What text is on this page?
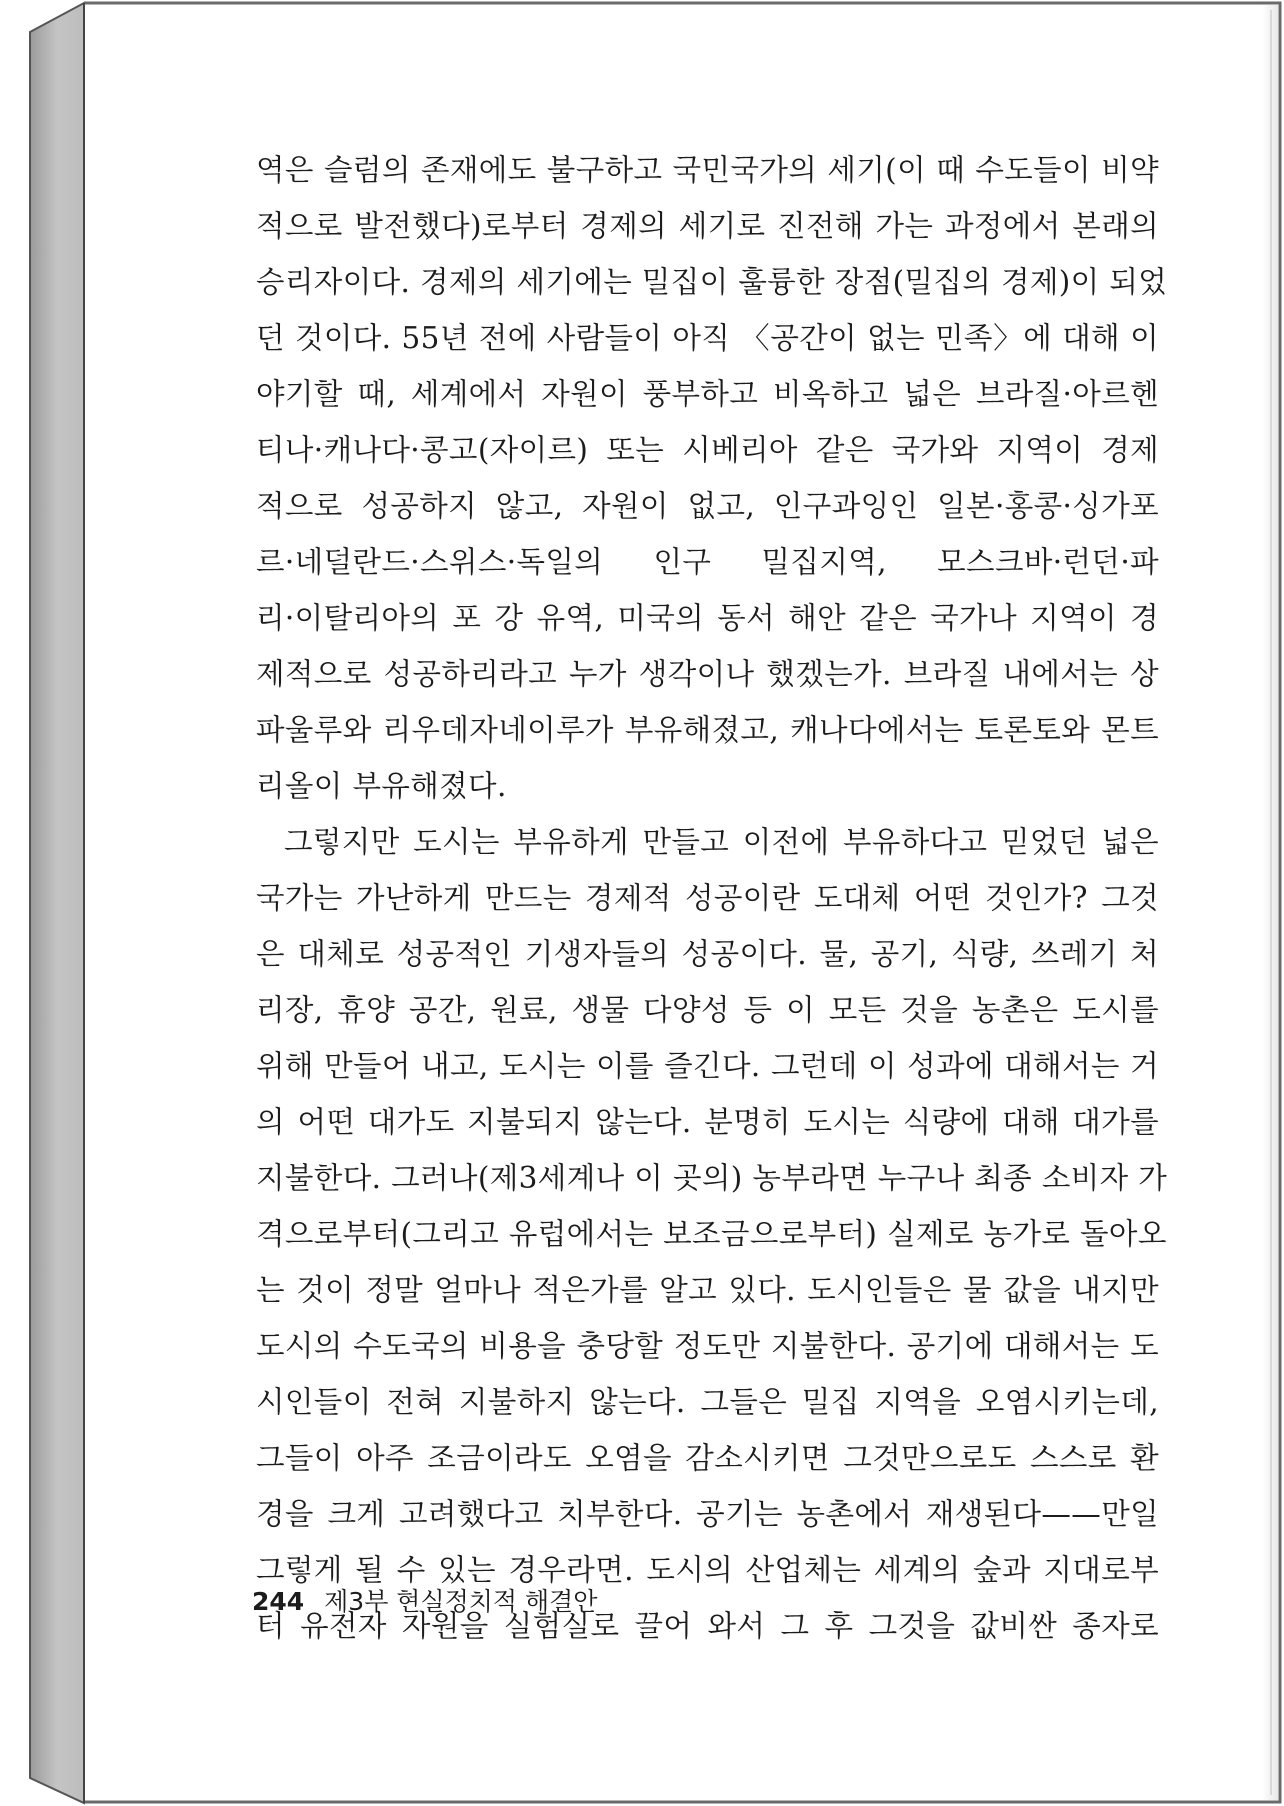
역은 슬럼의 존재에도 불구하고 국민국가의 세기(이 때 수도들이 비약
적으로 발전했다)로부터 경제의 세기로 진전해 가는 과정에서 본래의
승리자이다. 경제의 세기에는 밀집이 훌륭한 장점(밀집의 경제)이 되었
던 것이다. 55년 전에 사람들이 아직 〈공간이 없는 민족〉에 대해 이
야기할 때, 세계에서 자원이 풍부하고 비옥하고 넓은 브라질·아르헨
티나·캐나다·콩고(자이르) 또는 시베리아 같은 국가와 지역이 경제
적으로 성공하지 않고, 자원이 없고, 인구과잉인 일본·홍콩·싱가포
르·네덜란드·스위스·독일의 인구 밀집지역, 모스크바·런던·파
리·이탈리아의 포 강 유역, 미국의 동서 해안 같은 국가나 지역이 경
제적으로 성공하리라고 누가 생각이나 했겠는가. 브라질 내에서는 상
파울루와 리우데자네이루가 부유해졌고, 캐나다에서는 토론토와 몬트
리올이 부유해졌다.
그렇지만 도시는 부유하게 만들고 이전에 부유하다고 믿었던 넓은
국가는 가난하게 만드는 경제적 성공이란 도대체 어떤 것인가? 그것
은 대체로 성공적인 기생자들의 성공이다. 물, 공기, 식량, 쓰레기 처
리장, 휴양 공간, 원료, 생물 다양성 등 이 모든 것을 농촌은 도시를
위해 만들어 내고, 도시는 이를 즐긴다. 그런데 이 성과에 대해서는 거
의 어떤 대가도 지불되지 않는다. 분명히 도시는 식량에 대해 대가를
지불한다. 그러나(제3세계나 이 곳의) 농부라면 누구나 최종 소비자 가
격으로부터(그리고 유럽에서는 보조금으로부터) 실제로 농가로 돌아오
는 것이 정말 얼마나 적은가를 알고 있다. 도시인들은 물 값을 내지만
도시의 수도국의 비용을 충당할 정도만 지불한다. 공기에 대해서는 도
시인들이 전혀 지불하지 않는다. 그들은 밀집 지역을 오염시키는데,
그들이 아주 조금이라도 오염을 감소시키면 그것만으로도 스스로 환
경을 크게 고려했다고 치부한다. 공기는 농촌에서 재생된다——만일
그렇게 될 수 있는 경우라면. 도시의 산업체는 세계의 숲과 지대로부
터 유전자 자원을 실험실로 끌어 와서 그 후 그것을 값비싼 종자로
244 제3부 현실정치적 해결안
